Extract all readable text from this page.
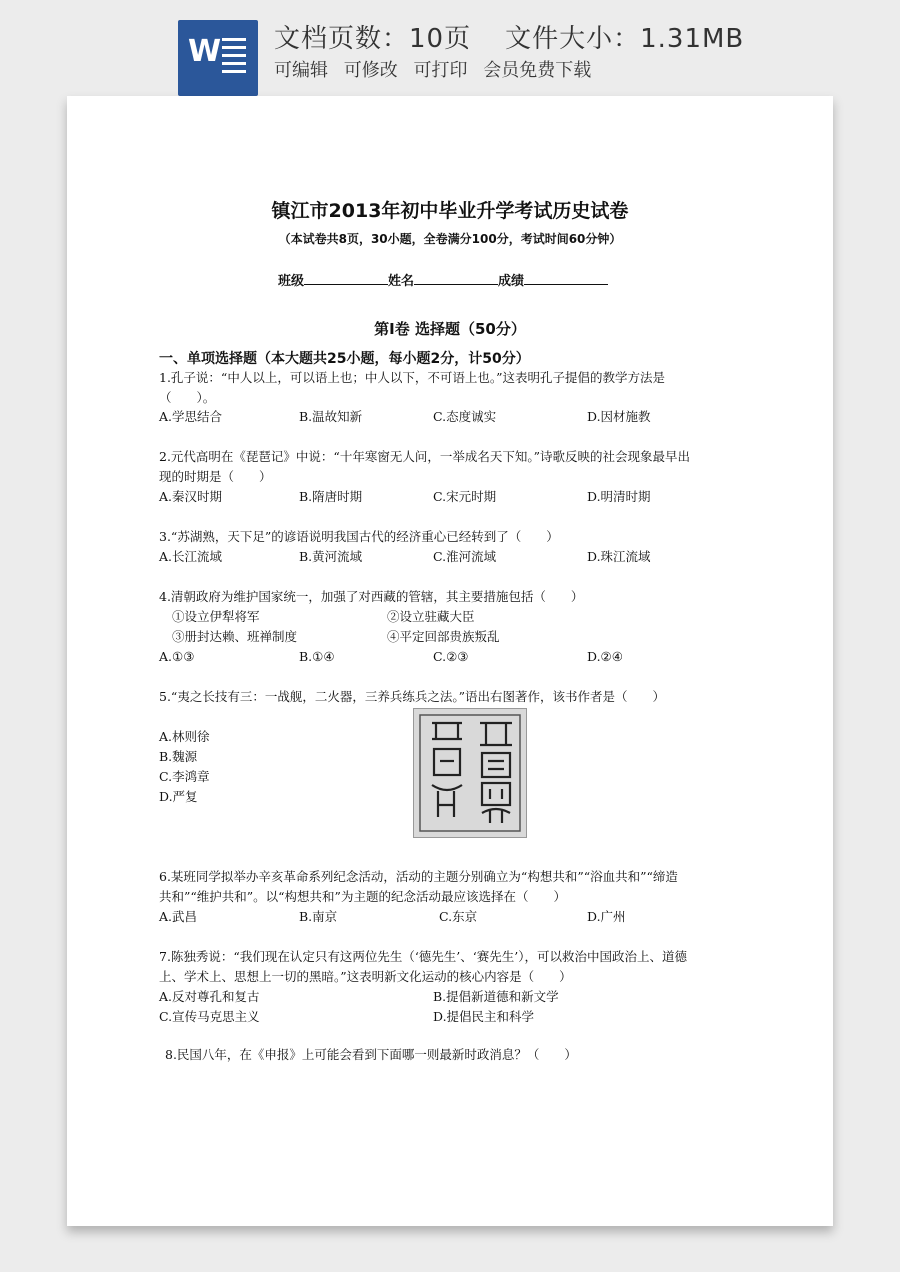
W 文档页数：10页 文件大小：1.31MB
可编辑 可修改 可打印 会员免费下载
镇江市2013年初中毕业升学考试历史试卷
（本试卷共8页，30小题，全卷满分100分，考试时间60分钟）
班级	姓名	成绩
第Ⅰ卷 选择题（50分）
一、单项选择题（本大题共25小题，每小题2分，计50分）
1.孔子说：“中人以上，可以语上也；中人以下，不可语上也。”这表明孔子提倡的教学方法是
（　　）。
A.学思结合	B.温故知新	C.态度诚实	D.因材施教
2.元代高明在《琵琶记》中说：“十年寒窗无人问，一举成名天下知。”诗歌反映的社会现象最早出
现的时期是（　　）
A.秦汉时期	B.隋唐时期	C.宋元时期	D.明清时期
3.“苏湖熟，天下足”的谚语说明我国古代的经济重心已经转到了（　　）
A.长江流域	B.黄河流域	C.淮河流域	D.珠江流域
4.清朝政府为维护国家统一，加强了对西藏的管辖，其主要措施包括（　　）
①设立伊犁将军	②设立驻藏大臣
③册封达赖、班禅制度	④平定回部贵族叛乱
A.①③	B.①④	C.②③	D.②④
5.“夷之长技有三：一战舰，二火器，三养兵练兵之法。”语出右图著作，该书作者是（　　）
A.林则徐
B.魏源
C.李鸿章
D.严复
6.某班同学拟举办辛亥革命系列纪念活动，活动的主题分别确立为“构想共和”“浴血共和”“缔造
共和”“维护共和”。以“构想共和”为主题的纪念活动最应该选择在（　　）
A.武昌	B.南京	C.东京	D.广州
7.陈独秀说：“我们现在认定只有这两位先生（‘德先生’、‘赛先生’），可以救治中国政治上、道德
上、学术上、思想上一切的黑暗。”这表明新文化运动的核心内容是（　　）
A.反对尊孔和复古	B.提倡新道德和新文学
C.宣传马克思主义	D.提倡民主和科学
8.民国八年，在《申报》上可能会看到下面哪一则最新时政消息？（　　）
